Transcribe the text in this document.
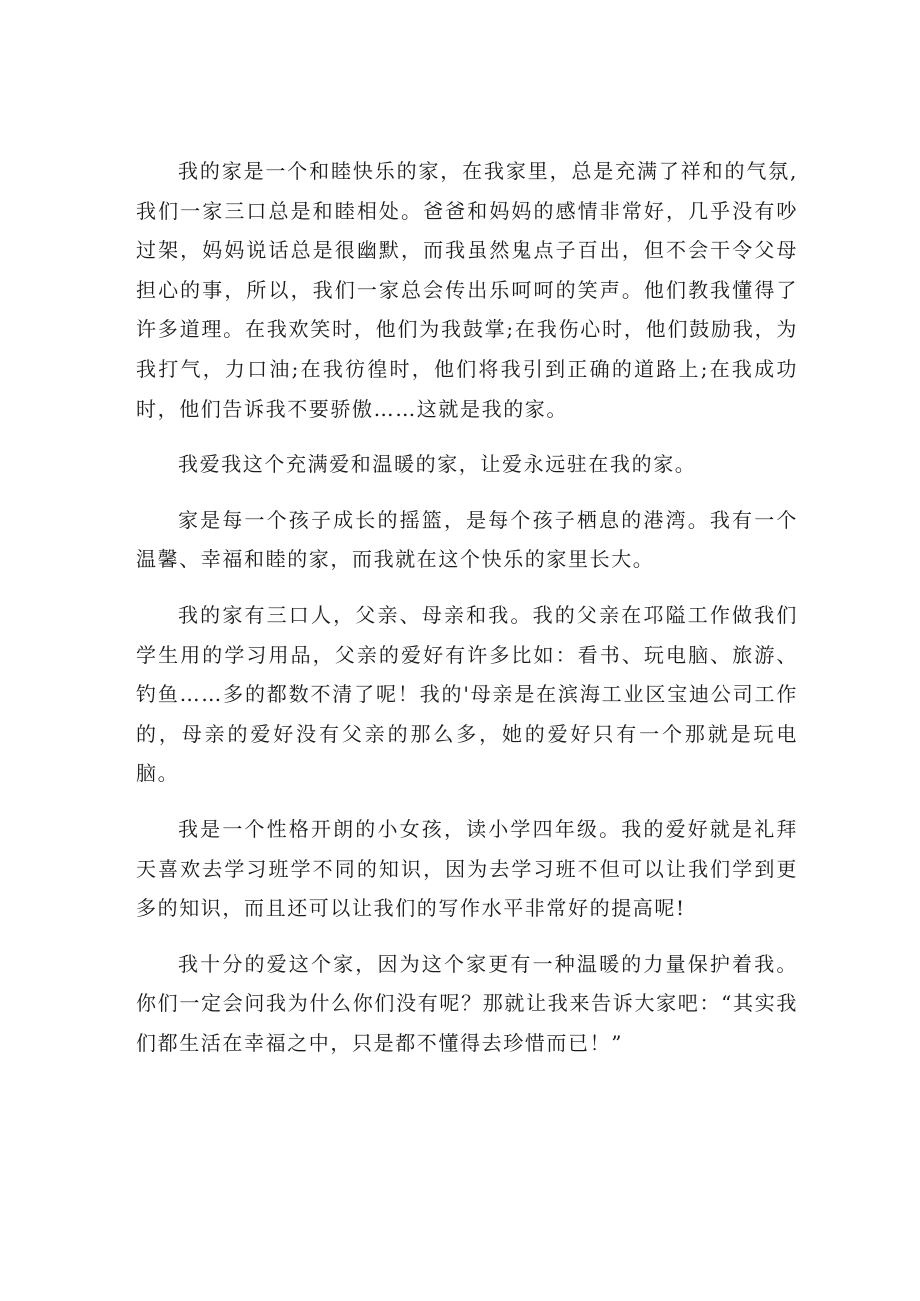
我的家是一个和睦快乐的家，在我家里，总是充满了祥和的气氛,我们一家三口总是和睦相处。爸爸和妈妈的感情非常好，几乎没有吵过架，妈妈说话总是很幽默，而我虽然鬼点子百出，但不会干令父母担心的事，所以，我们一家总会传出乐呵呵的笑声。他们教我懂得了许多道理。在我欢笑时，他们为我鼓掌;在我伤心时，他们鼓励我，为我打气，力口油;在我彷徨时，他们将我引到正确的道路上;在我成功时，他们告诉我不要骄傲……这就是我的家。

我爱我这个充满爱和温暖的家，让爱永远驻在我的家。

家是每一个孩子成长的摇篮，是每个孩子栖息的港湾。我有一个温馨、幸福和睦的家，而我就在这个快乐的家里长大。

我的家有三口人，父亲、母亲和我。我的父亲在邛隘工作做我们学生用的学习用品，父亲的爱好有许多比如：看书、玩电脑、旅游、钓鱼……多的都数不清了呢！我的'母亲是在滨海工业区宝迪公司工作的，母亲的爱好没有父亲的那么多，她的爱好只有一个那就是玩电脑。

我是一个性格开朗的小女孩，读小学四年级。我的爱好就是礼拜天喜欢去学习班学不同的知识，因为去学习班不但可以让我们学到更多的知识，而且还可以让我们的写作水平非常好的提高呢!

我十分的爱这个家，因为这个家更有一种温暖的力量保护着我。你们一定会问我为什么你们没有呢？那就让我来告诉大家吧：“其实我们都生活在幸福之中，只是都不懂得去珍惜而已！”
